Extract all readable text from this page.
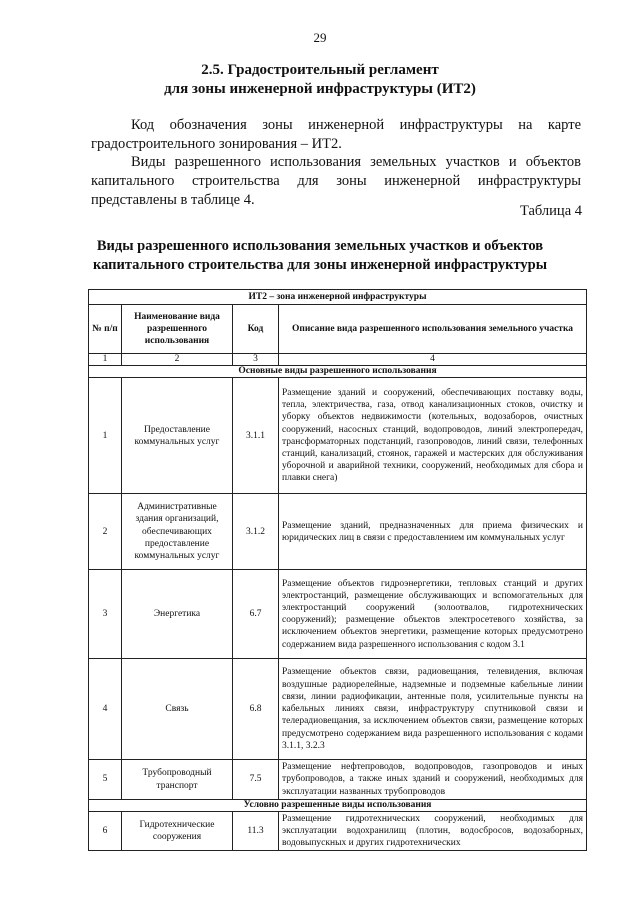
29
2.5. Градостроительный регламент
для зоны инженерной инфраструктуры (ИТ2)

Код обозначения зоны инженерной инфраструктуры на карте градостроительного зонирования – ИТ2.

Виды разрешенного использования земельных участков и объектов капитального строительства для зоны инженерной инфраструктуры представлены в таблице 4.

Таблица 4
Виды разрешенного использования земельных участков и объектов
капитального строительства для зоны инженерной инфраструктуры
ИТ2 – зона инженерной инфраструктуры			
№ п/п	Наименование вида разрешенного использования	Код	Описание вида разрешенного использования земельного участка
1	2	3	4
Основные виды разрешенного использования			
1	Предоставление коммунальных услуг	3.1.1	Размещение зданий и сооружений, обеспечивающих поставку воды, тепла, электричества, газа, отвод канализационных стоков, очистку и уборку объектов недвижимости (котельных, водозаборов, очистных сооружений, насосных станций, водопроводов, линий электропередач, трансформаторных подстанций, газопроводов, линий связи, телефонных станций, канализаций, стоянок, гаражей и мастерских для обслуживания уборочной и аварийной техники, сооружений, необходимых для сбора и плавки снега)
2	Административные здания организаций, обеспечивающих предоставление коммунальных услуг	3.1.2	Размещение зданий, предназначенных для приема физических и юридических лиц в связи с предоставлением им коммунальных услуг
3	Энергетика	6.7	Размещение объектов гидроэнергетики, тепловых станций и других электростанций, размещение обслуживающих и вспомогательных для электростанций сооружений (золоотвалов, гидротехнических сооружений); размещение объектов электросетевого хозяйства, за исключением объектов энергетики, размещение которых предусмотрено содержанием вида разрешенного использования с кодом 3.1
4	Связь	6.8	Размещение объектов связи, радиовещания, телевидения, включая воздушные радиорелейные, надземные и подземные кабельные линии связи, линии радиофикации, антенные поля, усилительные пункты на кабельных линиях связи, инфраструктуру спутниковой связи и телерадиовещания, за исключением объектов связи, размещение которых предусмотрено содержанием вида разрешенного использования с кодами 3.1.1, 3.2.3
5	Трубопроводный транспорт	7.5	Размещение нефтепроводов, водопроводов, газопроводов и иных трубопроводов, а также иных зданий и сооружений, необходимых для эксплуатации названных трубопроводов
Условно разрешенные виды использования			
6	Гидротехнические сооружения	11.3	Размещение гидротехнических сооружений, необходимых для эксплуатации водохранилищ (плотин, водосбросов, водозаборных, водовыпускных и других гидротехнических
